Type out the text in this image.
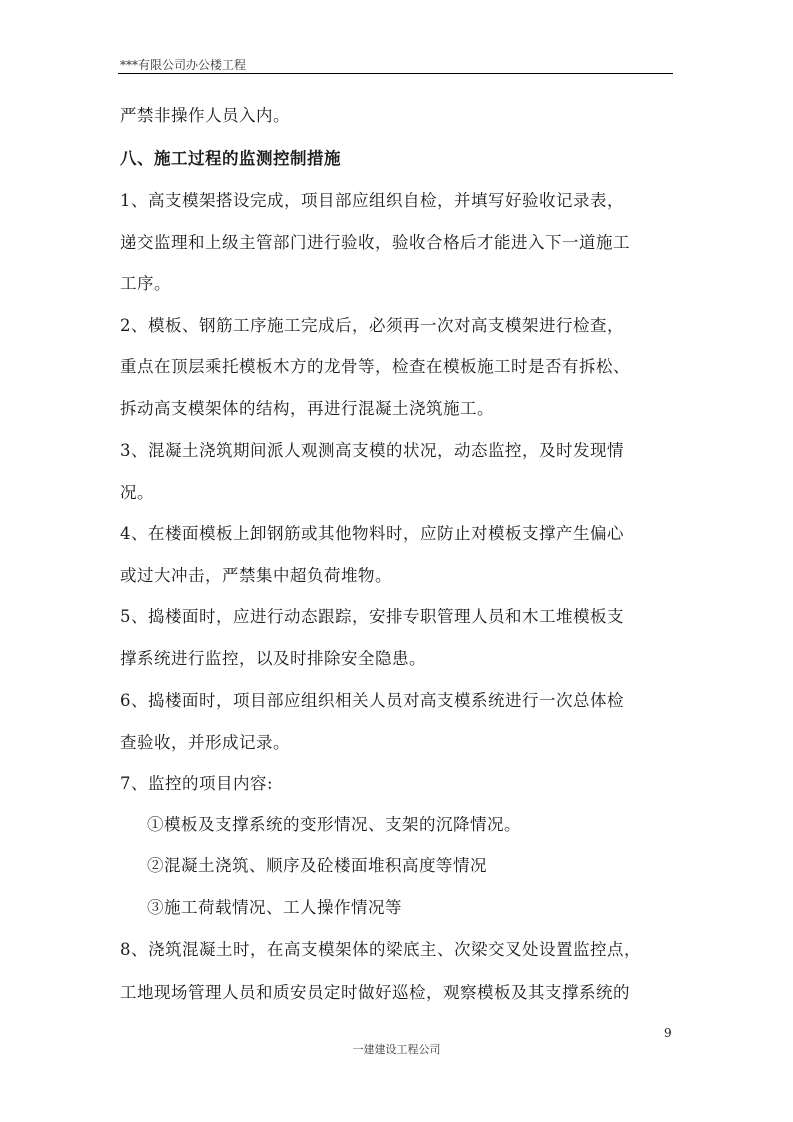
***有限公司办公楼工程
严禁非操作人员入内。
八、施工过程的监测控制措施
1、高支模架搭设完成，项目部应组织自检，并填写好验收记录表，
递交监理和上级主管部门进行验收，验收合格后才能进入下一道施工
工序。
2、模板、钢筋工序施工完成后，必须再一次对高支模架进行检查，
重点在顶层乘托模板木方的龙骨等，检查在模板施工时是否有拆松、
拆动高支模架体的结构，再进行混凝土浇筑施工。
3、混凝土浇筑期间派人观测高支模的状况，动态监控，及时发现情
况。
4、在楼面模板上卸钢筋或其他物料时，应防止对模板支撑产生偏心
或过大冲击，严禁集中超负荷堆物。
5、捣楼面时，应进行动态跟踪，安排专职管理人员和木工堆模板支
撑系统进行监控，以及时排除安全隐患。
6、捣楼面时，项目部应组织相关人员对高支模系统进行一次总体检
查验收，并形成记录。
7、监控的项目内容:
①模板及支撑系统的变形情况、支架的沉降情况。
②混凝土浇筑、顺序及砼楼面堆积高度等情况
③施工荷载情况、工人操作情况等
8、浇筑混凝土时，在高支模架体的梁底主、次梁交叉处设置监控点，
工地现场管理人员和质安员定时做好巡检，观察模板及其支撑系统的
9
一建建设工程公司
